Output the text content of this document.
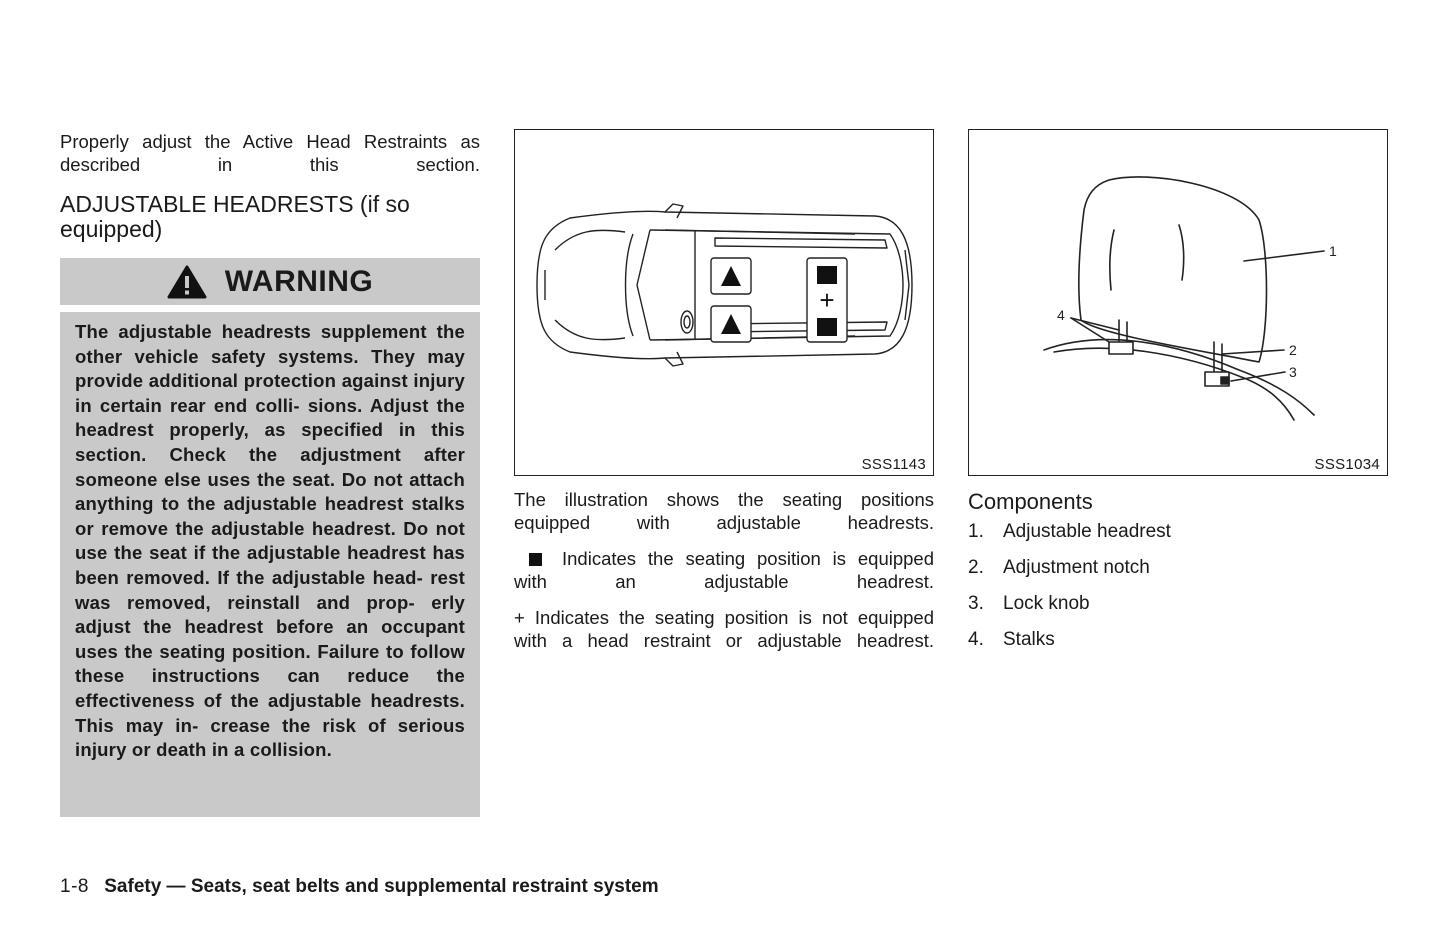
Properly adjust the Active Head Restraints as described in this section.
ADJUSTABLE HEADRESTS (if so equipped)
WARNING

The adjustable headrests supplement the other vehicle safety systems. They may provide additional protection against injury in certain rear end colli- sions. Adjust the headrest properly, as specified in this section. Check the adjustment after someone else uses the seat. Do not attach anything to the adjustable headrest stalks or remove the adjustable headrest. Do not use the seat if the adjustable headrest has been removed. If the adjustable head- rest was removed, reinstall and prop- erly adjust the headrest before an occupant uses the seating position. Failure to follow these instructions can reduce the effectiveness of the adjustable headrests. This may in- crease the risk of serious injury or death in a collision.

+
SSS1143
The illustration shows the seating positions equipped with adjustable headrests.
Indicates the seating position is equipped with an adjustable headrest.
+ Indicates the seating position is not equipped with a head restraint or adjustable headrest.
1
2
3
4
SSS1034
Components
1. Adjustable headrest
2. Adjustment notch
3. Lock knob
4. Stalks
1-8 Safety — Seats, seat belts and supplemental restraint system
